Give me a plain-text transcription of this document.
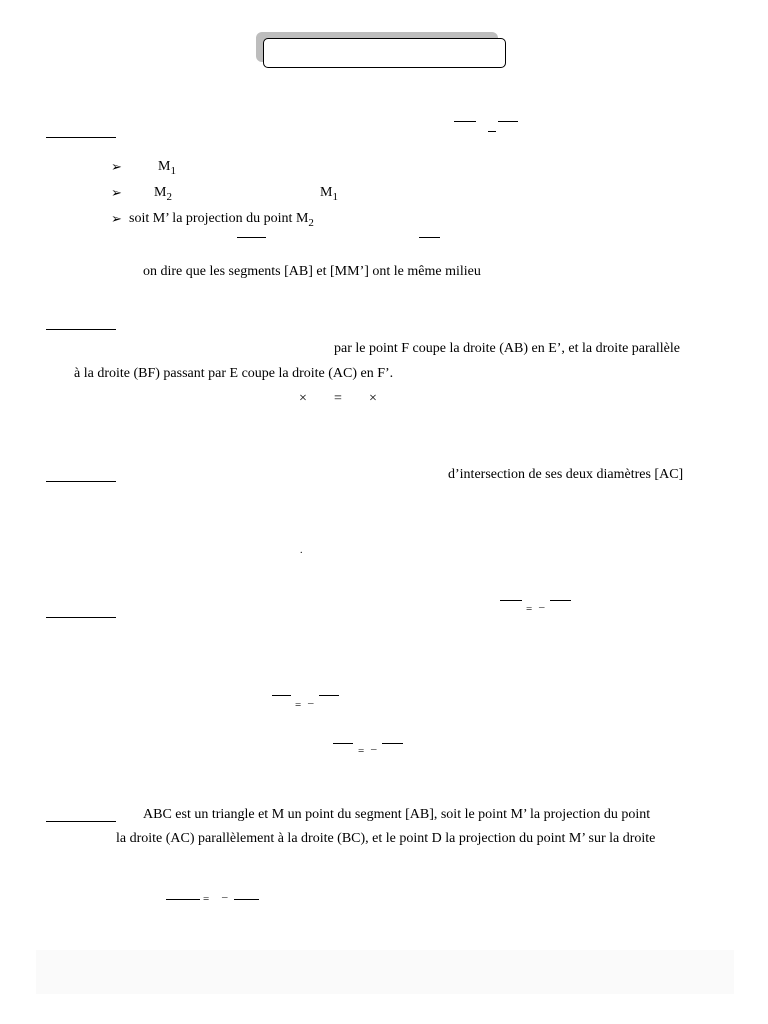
➢	$M_1$
➢ $M_2$	$M_1$
➢ soit M’ la projection du point $M_2$
on dire que les segments [AB] et [MM’] ont le même milieu
par le point F coupe la droite (AB) en E’, et la droite parallèle
à la droite (BF) passant par E coupe la droite (AC) en F’.
× = ×
d’intersection de ses deux diamètres [AC]
.
= –
= –
= –
ABC est un triangle et M un point du segment [AB], soit le point M’ la projection du point
la droite (AC) parallèlement à la droite (BC), et le point D la projection du point M’ sur la droite
= –
